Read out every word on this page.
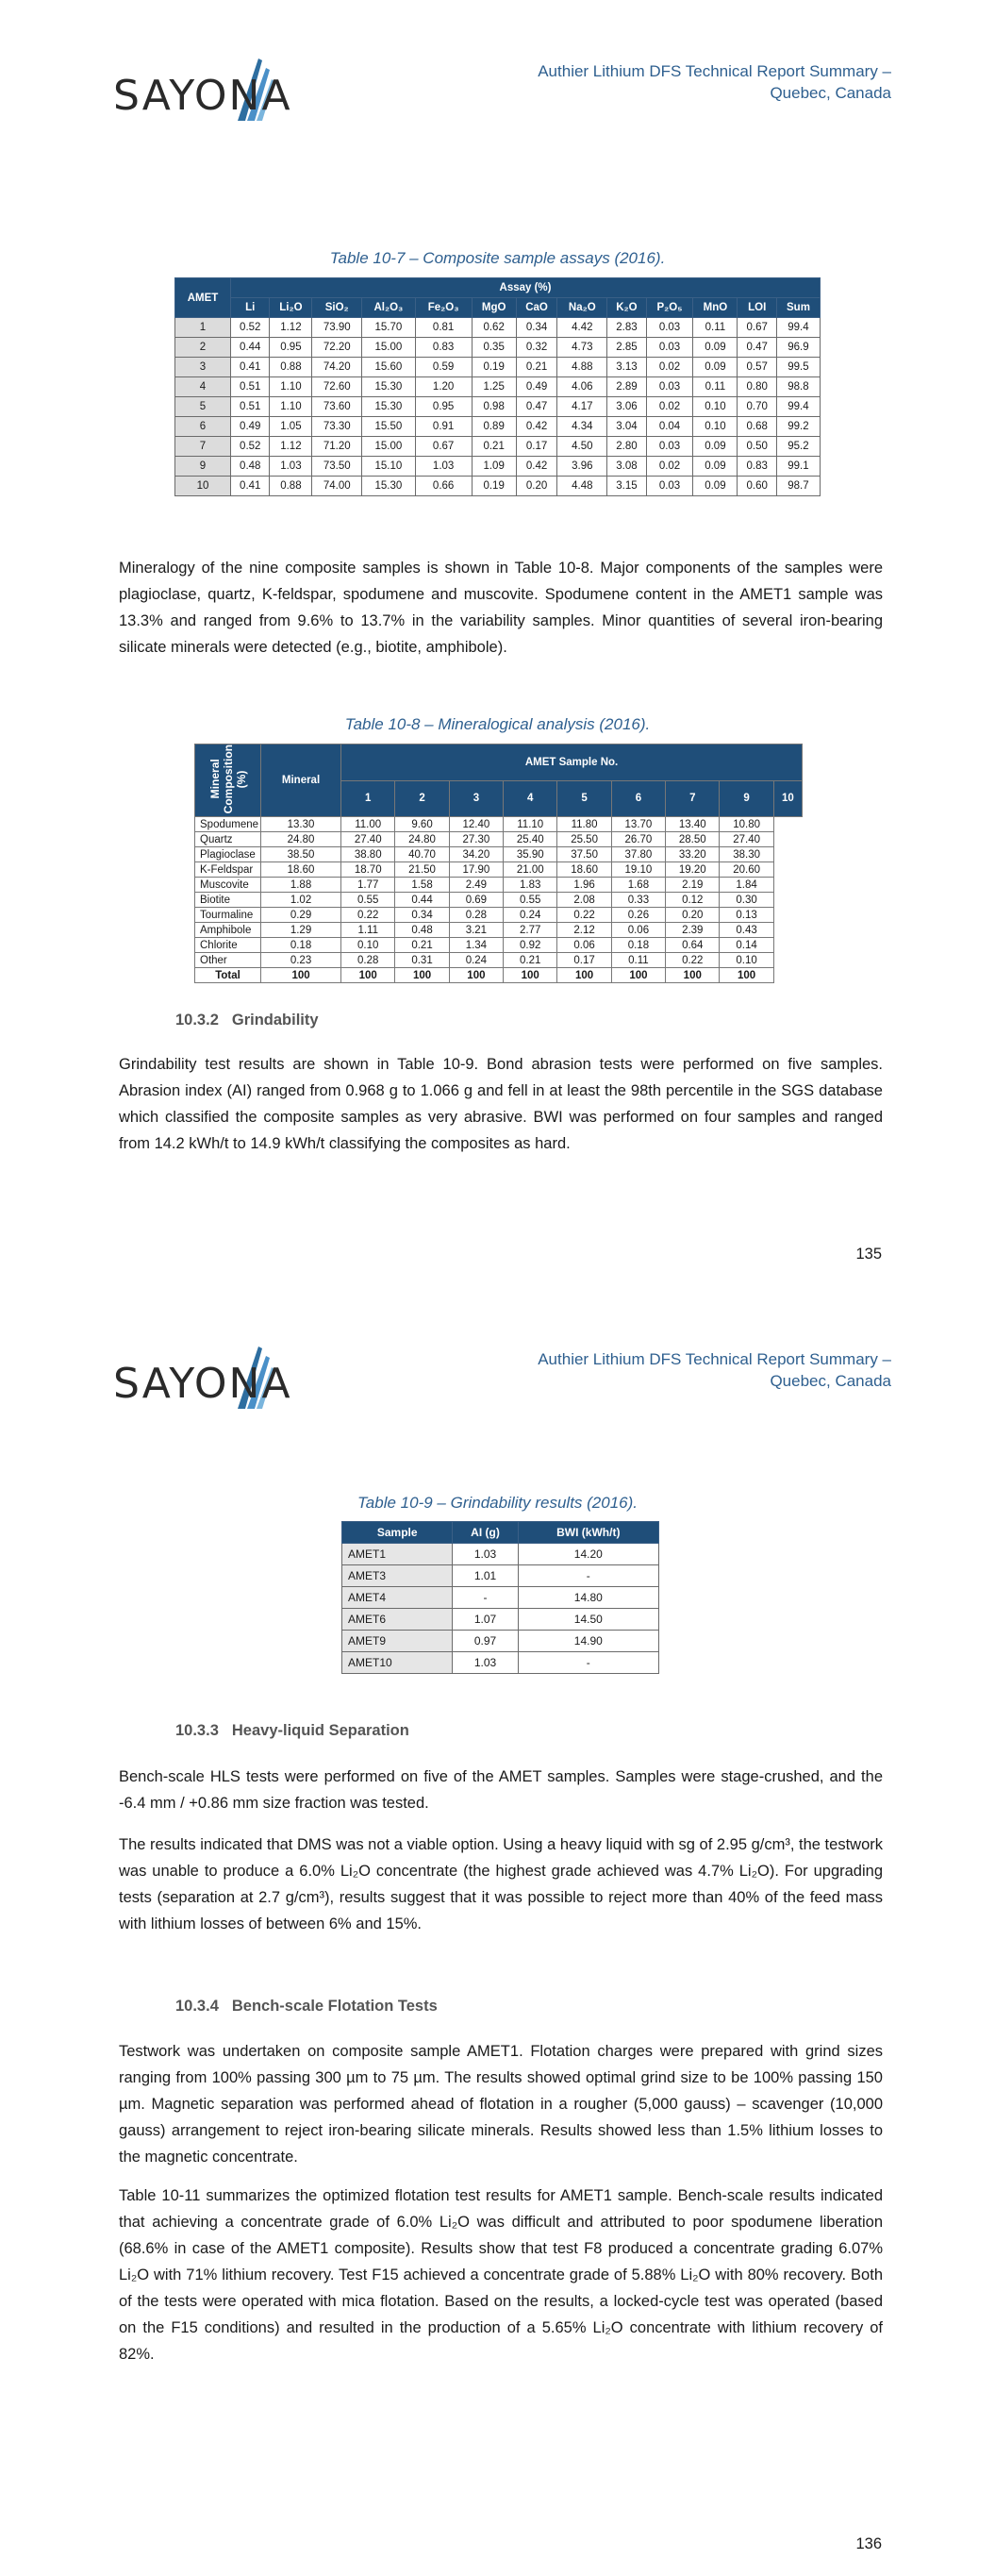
SAYONA
Authier Lithium DFS Technical Report Summary –
Quebec, Canada
Table 10-7 – Composite sample assays (2016).
AMET	Assay (%)												
	Li	Li₂O	SiO₂	Al₂O₃	Fe₂O₃	MgO	CaO	Na₂O	K₂O	P₂O₅	MnO	LOI	Sum
1	0.52	1.12	73.90	15.70	0.81	0.62	0.34	4.42	2.83	0.03	0.11	0.67	99.4
2	0.44	0.95	72.20	15.00	0.83	0.35	0.32	4.73	2.85	0.03	0.09	0.47	96.9
3	0.41	0.88	74.20	15.60	0.59	0.19	0.21	4.88	3.13	0.02	0.09	0.57	99.5
4	0.51	1.10	72.60	15.30	1.20	1.25	0.49	4.06	2.89	0.03	0.11	0.80	98.8
5	0.51	1.10	73.60	15.30	0.95	0.98	0.47	4.17	3.06	0.02	0.10	0.70	99.4
6	0.49	1.05	73.30	15.50	0.91	0.89	0.42	4.34	3.04	0.04	0.10	0.68	99.2
7	0.52	1.12	71.20	15.00	0.67	0.21	0.17	4.50	2.80	0.03	0.09	0.50	95.2
9	0.48	1.03	73.50	15.10	1.03	1.09	0.42	3.96	3.08	0.02	0.09	0.83	99.1
10	0.41	0.88	74.00	15.30	0.66	0.19	0.20	4.48	3.15	0.03	0.09	0.60	98.7
Mineralogy of the nine composite samples is shown in Table 10-8. Major components of the samples were plagioclase, quartz, K-feldspar, spodumene and muscovite. Spodumene content in the AMET1 sample was 13.3% and ranged from 9.6% to 13.7% in the variability samples. Minor quantities of several iron-bearing silicate minerals were detected (e.g., biotite, amphibole).
Table 10-8 – Mineralogical analysis (2016).
Mineral Composition (%)	Mineral	AMET Sample No.								
		1	2	3	4	5	6	7	9	10
Spodumene	13.30	11.00	9.60	12.40	11.10	11.80	13.70	13.40	10.80	
Quartz	24.80	27.40	24.80	27.30	25.40	25.50	26.70	28.50	27.40	
Plagioclase	38.50	38.80	40.70	34.20	35.90	37.50	37.80	33.20	38.30	
K-Feldspar	18.60	18.70	21.50	17.90	21.00	18.60	19.10	19.20	20.60	
Muscovite	1.88	1.77	1.58	2.49	1.83	1.96	1.68	2.19	1.84	
Biotite	1.02	0.55	0.44	0.69	0.55	2.08	0.33	0.12	0.30	
Tourmaline	0.29	0.22	0.34	0.28	0.24	0.22	0.26	0.20	0.13	
Amphibole	1.29	1.11	0.48	3.21	2.77	2.12	0.06	2.39	0.43	
Chlorite	0.18	0.10	0.21	1.34	0.92	0.06	0.18	0.64	0.14	
Other	0.23	0.28	0.31	0.24	0.21	0.17	0.11	0.22	0.10	
Total	100	100	100	100	100	100	100	100	100	
10.3.2 Grindability
Grindability test results are shown in Table 10-9. Bond abrasion tests were performed on five samples. Abrasion index (AI) ranged from 0.968 g to 1.066 g and fell in at least the 98th percentile in the SGS database which classified the composite samples as very abrasive. BWI was performed on four samples and ranged from 14.2 kWh/t to 14.9 kWh/t classifying the composites as hard.
135
SAYONA
Authier Lithium DFS Technical Report Summary –
Quebec, Canada
Table 10-9 – Grindability results (2016).
Sample	AI (g)	BWI (kWh/t)
AMET1	1.03	14.20
AMET3	1.01	-
AMET4	-	14.80
AMET6	1.07	14.50
AMET9	0.97	14.90
AMET10	1.03	-
10.3.3 Heavy-liquid Separation
Bench-scale HLS tests were performed on five of the AMET samples. Samples were stage-crushed, and the -6.4 mm / +0.86 mm size fraction was tested.
The results indicated that DMS was not a viable option. Using a heavy liquid with sg of 2.95 g/cm³, the testwork was unable to produce a 6.0% Li₂O concentrate (the highest grade achieved was 4.7% Li₂O). For upgrading tests (separation at 2.7 g/cm³), results suggest that it was possible to reject more than 40% of the feed mass with lithium losses of between 6% and 15%.
10.3.4 Bench-scale Flotation Tests
Testwork was undertaken on composite sample AMET1. Flotation charges were prepared with grind sizes ranging from 100% passing 300 µm to 75 µm. The results showed optimal grind size to be 100% passing 150 µm. Magnetic separation was performed ahead of flotation in a rougher (5,000 gauss) – scavenger (10,000 gauss) arrangement to reject iron-bearing silicate minerals. Results showed less than 1.5% lithium losses to the magnetic concentrate.
Table 10-11 summarizes the optimized flotation test results for AMET1 sample. Bench-scale results indicated that achieving a concentrate grade of 6.0% Li₂O was difficult and attributed to poor spodumene liberation (68.6% in case of the AMET1 composite). Results show that test F8 produced a concentrate grading 6.07% Li₂O with 71% lithium recovery. Test F15 achieved a concentrate grade of 5.88% Li₂O with 80% recovery. Both of the tests were operated with mica flotation. Based on the results, a locked-cycle test was operated (based on the F15 conditions) and resulted in the production of a 5.65% Li₂O concentrate with lithium recovery of 82%.
136
